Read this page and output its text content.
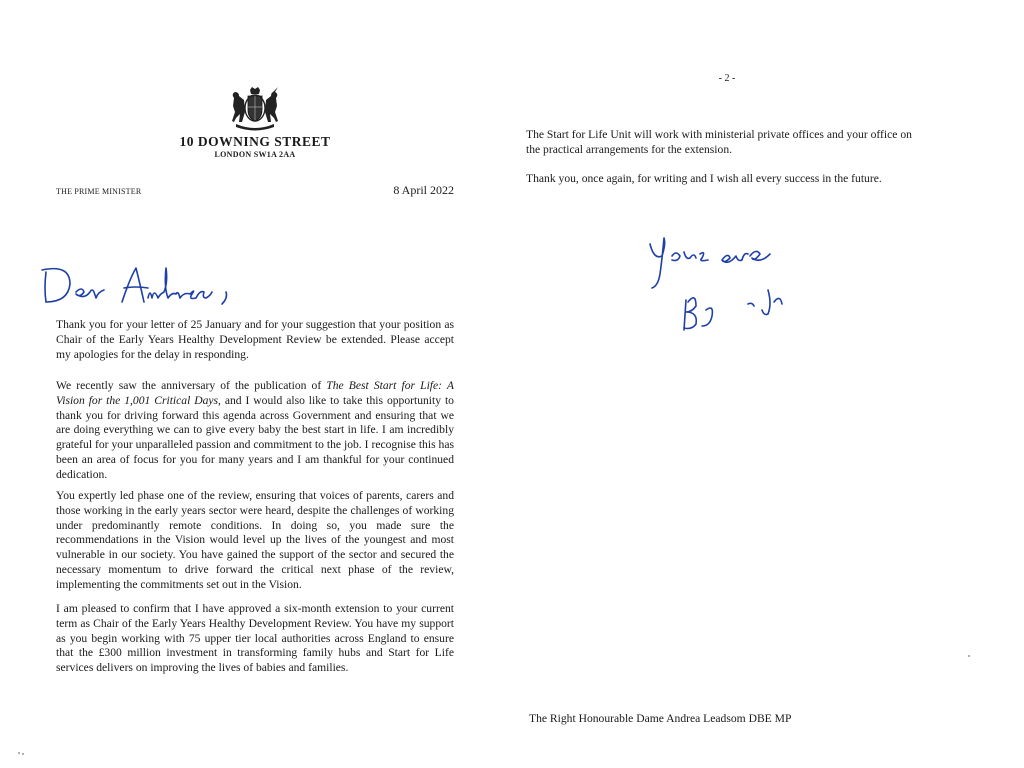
10 DOWNING STREET
LONDON SW1A 2AA
THE PRIME MINISTER	8 April 2022

Thank you for your letter of 25 January and for your suggestion that your position as Chair of the Early Years Healthy Development Review be extended. Please accept my apologies for the delay in responding.

We recently saw the anniversary of the publication of The Best Start for Life: A Vision for the 1,001 Critical Days, and I would also like to take this opportunity to thank you for driving forward this agenda across Government and ensuring that we are doing everything we can to give every baby the best start in life. I am incredibly grateful for your unparalleled passion and commitment to the job. I recognise this has been an area of focus for you for many years and I am thankful for your continued dedication.

You expertly led phase one of the review, ensuring that voices of parents, carers and those working in the early years sector were heard, despite the challenges of working under predominantly remote conditions. In doing so, you made sure the recommendations in the Vision would level up the lives of the youngest and most vulnerable in our society. You have gained the support of the sector and secured the necessary momentum to drive forward the critical next phase of the review, implementing the commitments set out in the Vision.

I am pleased to confirm that I have approved a six-month extension to your current term as Chair of the Early Years Healthy Development Review. You have my support as you begin working with 75 upper tier local authorities across England to ensure that the £300 million investment in transforming family hubs and Start for Life services delivers on improving the lives of babies and families.

- 2 -

The Start for Life Unit will work with ministerial private offices and your office on the practical arrangements for the extension.

Thank you, once again, for writing and I wish all every success in the future.

The Right Honourable Dame Andrea Leadsom DBE MP
